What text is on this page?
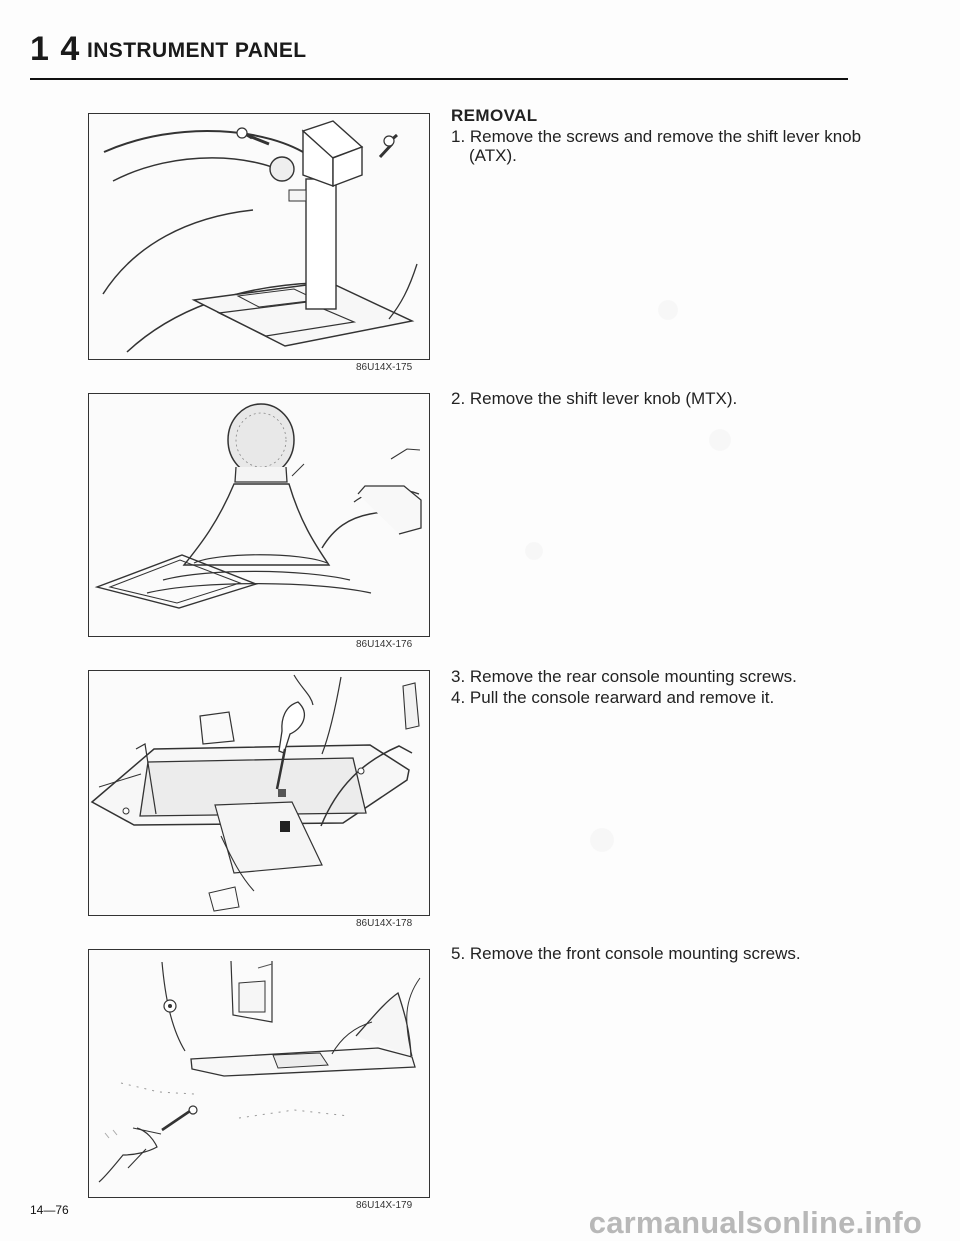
1 4 INSTRUMENT PANEL
86U14X-175
86U14X-176
86U14X-178
86U14X-179
REMOVAL
1. Remove the screws and remove the shift lever knob (ATX).
2. Remove the shift lever knob (MTX).
3. Remove the rear console mounting screws.
4. Pull the console rearward and remove it.
5. Remove the front console mounting screws.
14—76	carmanualsonline.info
